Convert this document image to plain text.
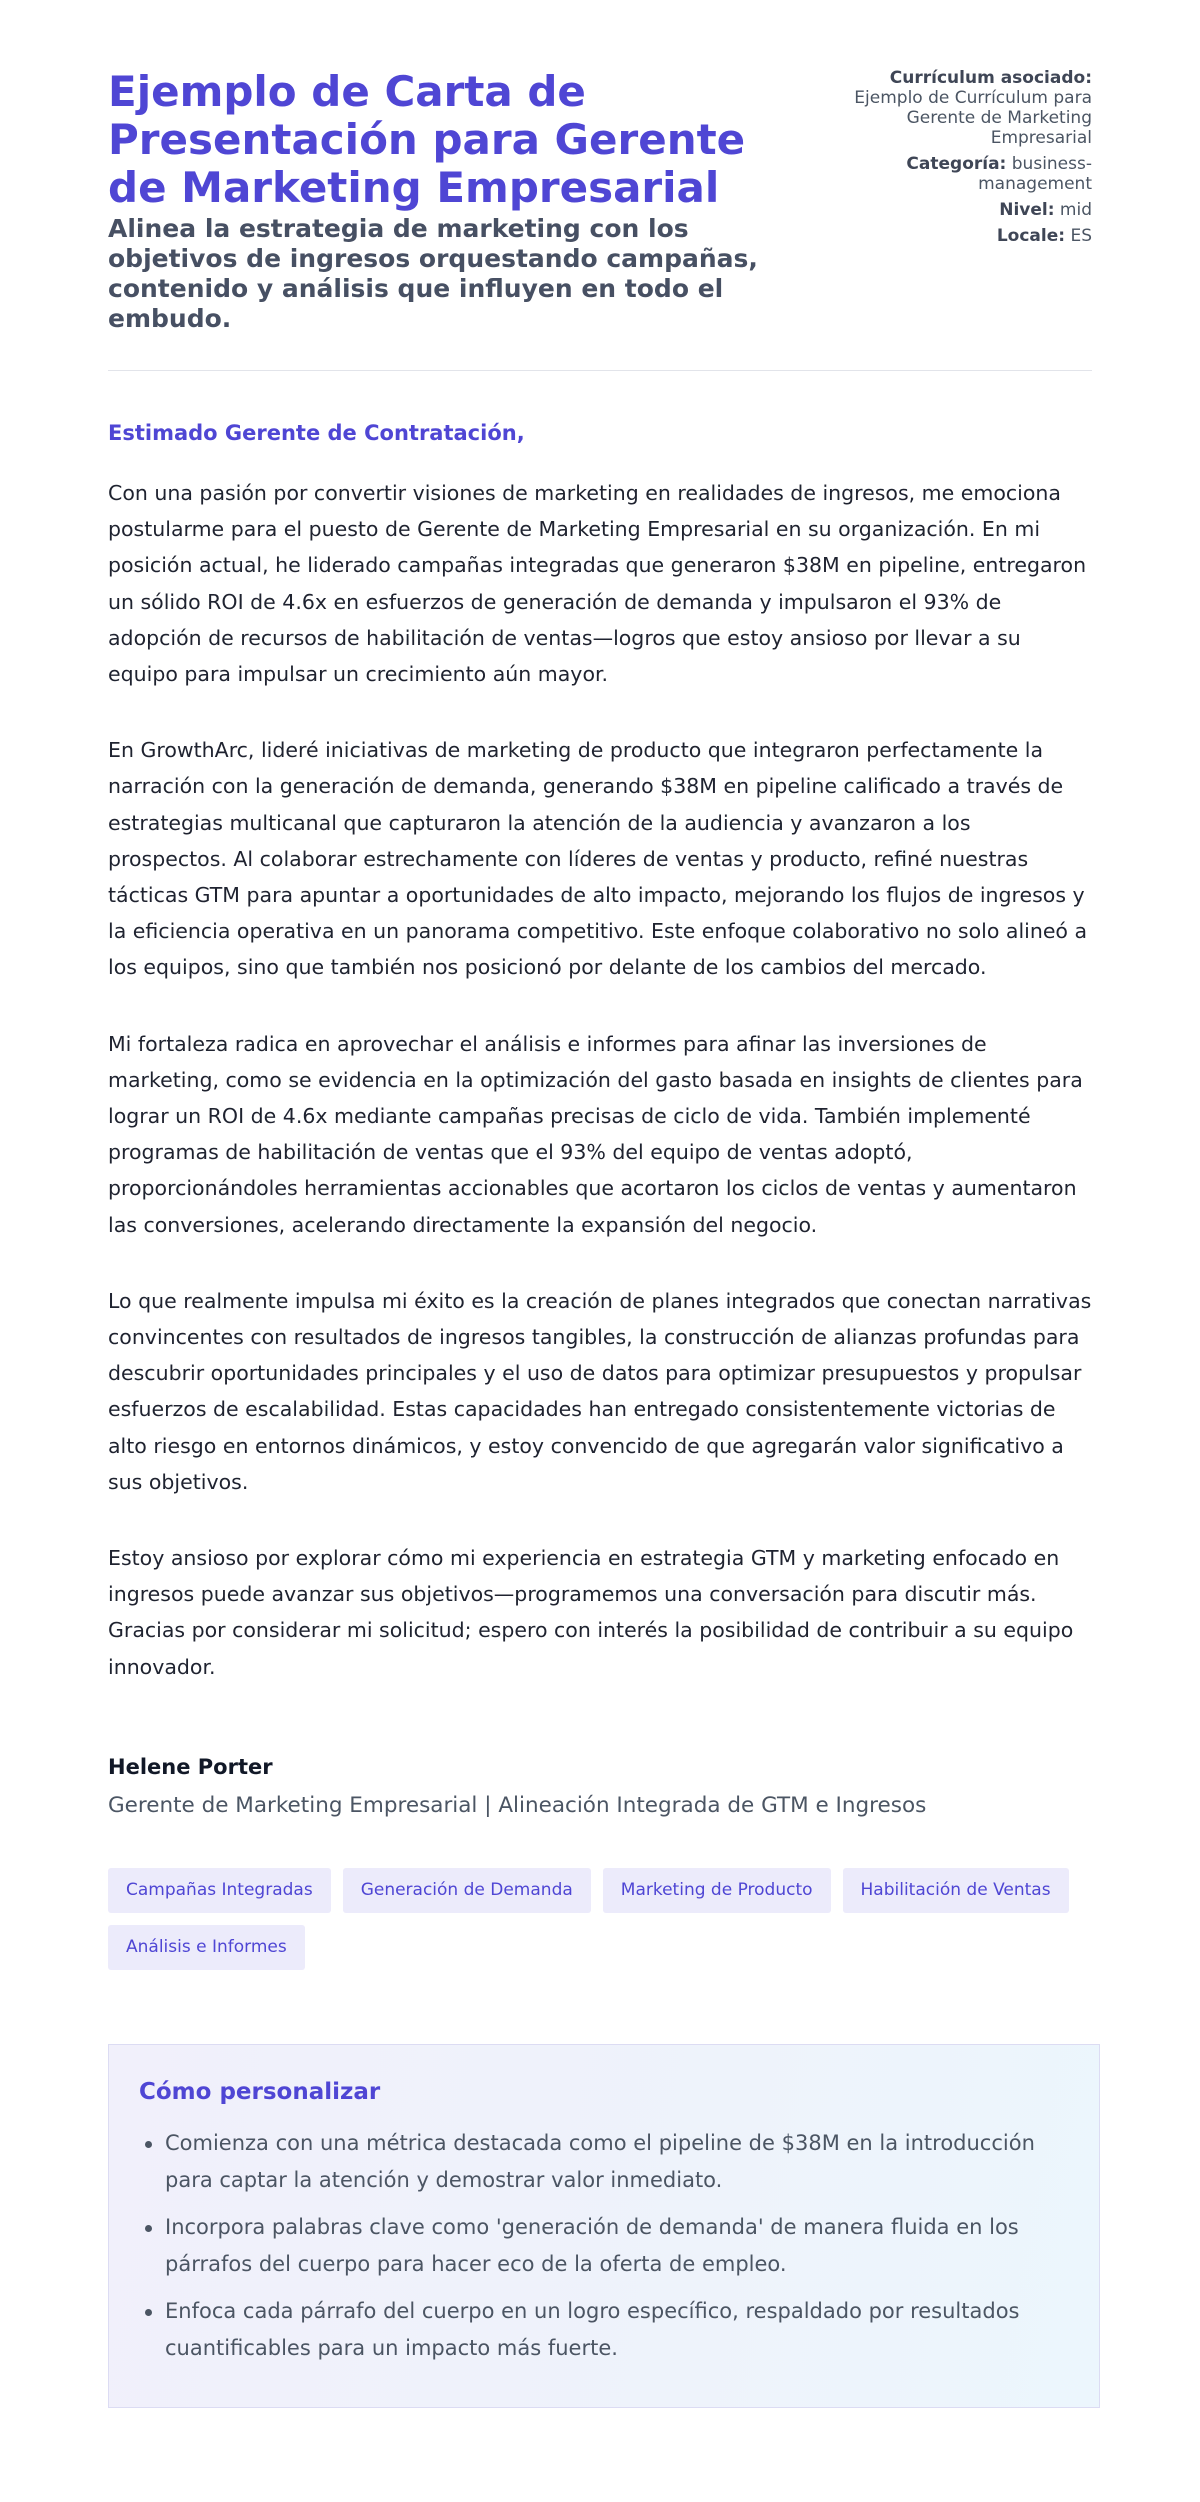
Ejemplo de Carta de Presentación para Gerente de Marketing Empresarial

Alinea la estrategia de marketing con los objetivos de ingresos orquestando campañas, contenido y análisis que influyen en todo el embudo.

Currículum asociado: Ejemplo de Currículum para Gerente de Marketing Empresarial
Categoría: business-management
Nivel: mid
Locale: ES

Estimado Gerente de Contratación,

Con una pasión por convertir visiones de marketing en realidades de ingresos, me emociona postularme para el puesto de Gerente de Marketing Empresarial en su organización. En mi posición actual, he liderado campañas integradas que generaron $38M en pipeline, entregaron un sólido ROI de 4.6x en esfuerzos de generación de demanda y impulsaron el 93% de adopción de recursos de habilitación de ventas—logros que estoy ansioso por llevar a su equipo para impulsar un crecimiento aún mayor.

En GrowthArc, lideré iniciativas de marketing de producto que integraron perfectamente la narración con la generación de demanda, generando $38M en pipeline calificado a través de estrategias multicanal que capturaron la atención de la audiencia y avanzaron a los prospectos. Al colaborar estrechamente con líderes de ventas y producto, refiné nuestras tácticas GTM para apuntar a oportunidades de alto impacto, mejorando los flujos de ingresos y la eficiencia operativa en un panorama competitivo. Este enfoque colaborativo no solo alineó a los equipos, sino que también nos posicionó por delante de los cambios del mercado.

Mi fortaleza radica en aprovechar el análisis e informes para afinar las inversiones de marketing, como se evidencia en la optimización del gasto basada en insights de clientes para lograr un ROI de 4.6x mediante campañas precisas de ciclo de vida. También implementé programas de habilitación de ventas que el 93% del equipo de ventas adoptó, proporcionándoles herramientas accionables que acortaron los ciclos de ventas y aumentaron las conversiones, acelerando directamente la expansión del negocio.

Lo que realmente impulsa mi éxito es la creación de planes integrados que conectan narrativas convincentes con resultados de ingresos tangibles, la construcción de alianzas profundas para descubrir oportunidades principales y el uso de datos para optimizar presupuestos y propulsar esfuerzos de escalabilidad. Estas capacidades han entregado consistentemente victorias de alto riesgo en entornos dinámicos, y estoy convencido de que agregarán valor significativo a sus objetivos.

Estoy ansioso por explorar cómo mi experiencia en estrategia GTM y marketing enfocado en ingresos puede avanzar sus objetivos—programemos una conversación para discutir más. Gracias por considerar mi solicitud; espero con interés la posibilidad de contribuir a su equipo innovador.

Helene Porter

Gerente de Marketing Empresarial | Alineación Integrada de GTM e Ingresos

Campañas Integradas	Generación de Demanda	Marketing de Producto	Habilitación de Ventas
Análisis e Informes
Cómo personalizar
Comienza con una métrica destacada como el pipeline de $38M en la introducción para captar la atención y demostrar valor inmediato.
Incorpora palabras clave como 'generación de demanda' de manera fluida en los párrafos del cuerpo para hacer eco de la oferta de empleo.
Enfoca cada párrafo del cuerpo en un logro específico, respaldado por resultados cuantificables para un impacto más fuerte.
